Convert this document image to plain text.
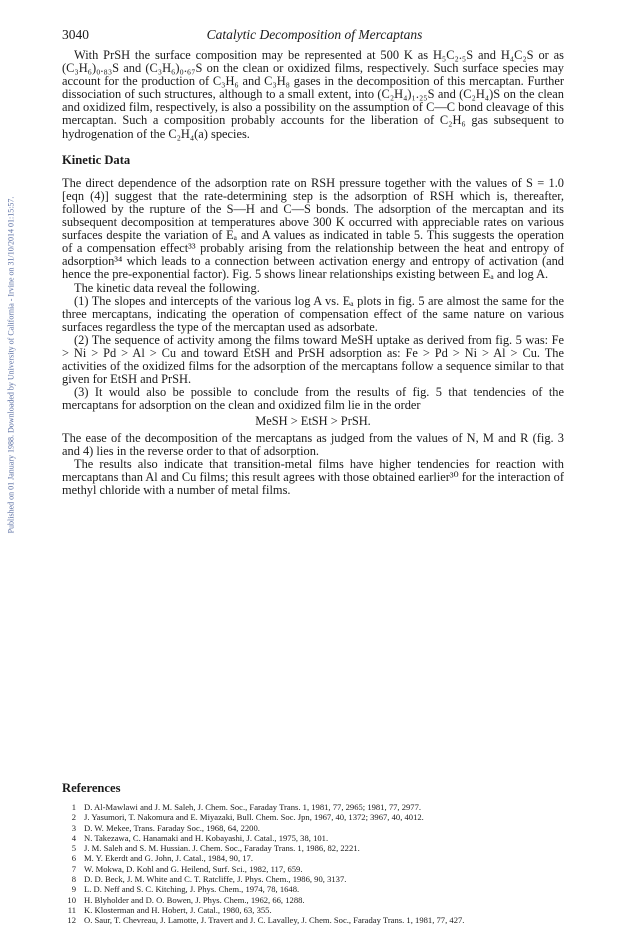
3040	Catalytic Decomposition of Mercaptans
Published on 01 January 1988. Downloaded by University of California - Irvine on 31/10/2014 01:15:57.

With PrSH the surface composition may be represented at 500 K as H₅C₂.₅S and H₄C₂S or as (C₃H₆)₀.₈₃S and (C₃H₆)₀.₆₇S on the clean or oxidized films, respectively. Such surface species may account for the production of C₃H₆ and C₃H₈ gases in the decomposition of this mercaptan. Further dissociation of such structures, although to a small extent, into (C₂H₄)₁.₂₅S and (C₂H₄)S on the clean and oxidized film, respectively, is also a possibility on the assumption of C—C bond cleavage of this mercaptan. Such a composition probably accounts for the liberation of C₂H₆ gas subsequent to hydrogenation of the C₂H₄(a) species.

Kinetic Data

The direct dependence of the adsorption rate on RSH pressure together with the values of S = 1.0 [eqn (4)] suggest that the rate-determining step is the adsorption of RSH which is, thereafter, followed by the rupture of the S—H and C—S bonds. The adsorption of the mercaptan and its subsequent decomposition at temperatures above 300 K occurred with appreciable rates on various surfaces despite the variation of Eₐ and A values as indicated in table 5. This suggests the operation of a compensation effect³³ probably arising from the relationship between the heat and entropy of adsorption³⁴ which leads to a connection between activation energy and entropy of activation (and hence the pre-exponential factor). Fig. 5 shows linear relationships existing between Eₐ and log A.

The kinetic data reveal the following.

(1) The slopes and intercepts of the various log A vs. Eₐ plots in fig. 5 are almost the same for the three mercaptans, indicating the operation of compensation effect of the same nature on various surfaces regardless the type of the mercaptan used as adsorbate.

(2) The sequence of activity among the films toward MeSH uptake as derived from fig. 5 was: Fe > Ni > Pd > Al > Cu and toward EtSH and PrSH adsorption as: Fe > Pd > Ni > Al > Cu. The activities of the oxidized films for the adsorption of the mercaptans follow a sequence similar to that given for EtSH and PrSH.

(3) It would also be possible to conclude from the results of fig. 5 that tendencies of the mercaptans for adsorption on the clean and oxidized film lie in the order

MeSH > EtSH > PrSH.

The ease of the decomposition of the mercaptans as judged from the values of N, M and R (fig. 3 and 4) lies in the reverse order to that of adsorption.

The results also indicate that transition-metal films have higher tendencies for reaction with mercaptans than Al and Cu films; this result agrees with those obtained earlier³⁰ for the interaction of methyl chloride with a number of metal films.

References

1 D. Al-Mawlawi and J. M. Saleh, J. Chem. Soc., Faraday Trans. 1, 1981, 77, 2965; 1981, 77, 2977.
2 J. Yasumori, T. Nakomura and E. Miyazaki, Bull. Chem. Soc. Jpn, 1967, 40, 1372; 3967, 40, 4012.
3 D. W. Mekee, Trans. Faraday Soc., 1968, 64, 2200.
4 N. Takezawa, C. Hanamaki and H. Kobayashi, J. Catal., 1975, 38, 101.
5 J. M. Saleh and S. M. Hussian. J. Chem. Soc., Faraday Trans. 1, 1986, 82, 2221.
6 M. Y. Ekerdt and G. John, J. Catal., 1984, 90, 17.
7 W. Mokwa, D. Kohl and G. Heilend, Surf. Sci., 1982, 117, 659.
8 D. D. Beck, J. M. White and C. T. Ratcliffe, J. Phys. Chem., 1986, 90, 3137.
9 L. D. Neff and S. C. Kitching, J. Phys. Chem., 1974, 78, 1648.
10 H. Blyholder and D. O. Bowen, J. Phys. Chem., 1962, 66, 1288.
11 K. Klosterman and H. Hobert, J. Catal., 1980, 63, 355.
12 O. Saur, T. Chevreau, J. Lamotte, J. Travert and J. C. Lavalley, J. Chem. Soc., Faraday Trans. 1, 1981, 77, 427.
